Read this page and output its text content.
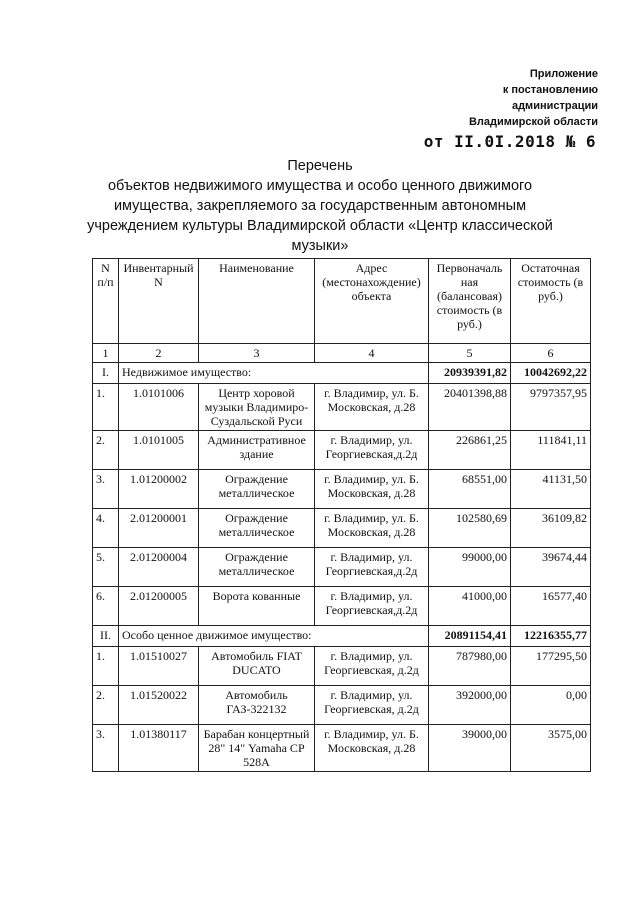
Приложение
к постановлению
администрации
Владимирской области
от II.0I.2018 № 6
Перечень
объектов недвижимого имущества и особо ценного движимого
имущества, закрепляемого за государственным автономным
учреждением культуры Владимирской области «Центр классической
музыки»
N п/п	Инвентарный N	Наименование	Адрес (местонахождение) объекта	Первоначаль ная (балансовая) стоимость (в руб.)	Остаточная стоимость (в руб.)
1	2	3	4	5	6
I.	Недвижимое имущество:			20939391,82	10042692,22
1.	1.0101006	Центр хоровой музыки Владимиро-Суздальской Руси	г. Владимир, ул. Б. Московская, д.28	20401398,88	9797357,95
2.	1.0101005	Административное здание	г. Владимир, ул. Георгиевская,д.2д	226861,25	111841,11
3.	1.01200002	Ограждение металлическое	г. Владимир, ул. Б. Московская, д.28	68551,00	41131,50
4.	2.01200001	Ограждение металлическое	г. Владимир, ул. Б. Московская, д.28	102580,69	36109,82
5.	2.01200004	Ограждение металлическое	г. Владимир, ул. Георгиевская,д.2д	99000,00	39674,44
6.	2.01200005	Ворота кованные	г. Владимир, ул. Георгиевская,д.2д	41000,00	16577,40
II.	Особо ценное движимое имущество:			20891154,41	12216355,77
1.	1.01510027	Автомобиль FIAT DUCATO	г. Владимир, ул. Георгиевская, д.2д	787980,00	177295,50
2.	1.01520022	Автомобиль ГАЗ-322132	г. Владимир, ул. Георгиевская, д.2д	392000,00	0,00
3.	1.01380117	Барабан концертный 28" 14" Yamaha CP 528A	г. Владимир, ул. Б. Московская, д.28	39000,00	3575,00
